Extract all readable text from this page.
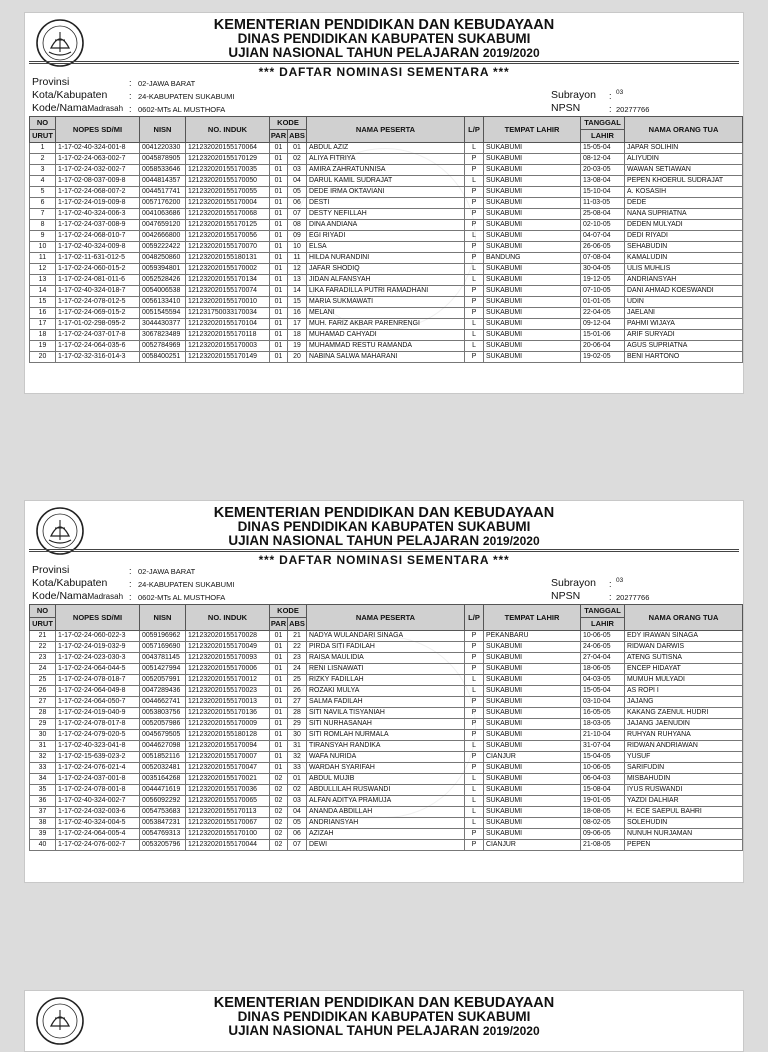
KEMENTERIAN PENDIDIKAN DAN KEBUDAYAAN
DINAS PENDIDIKAN KABUPATEN SUKABUMI
UJIAN NASIONAL TAHUN PELAJARAN 2019/2020
*** DAFTAR NOMINASI SEMENTARA ***
Provinsi	: 02-JAWA BARAT
Kota/Kabupaten : 24-KABUPATEN SUKABUMI
Kode/NamaMadrasah : 0602-MTs AL MUSTHOFA
Subrayon : 03
NPSN	: 20277766
NO	NOPES SD/MI	NISN	NO. INDUK	KODE		NAMA PESERTA	L/P	TEMPAT LAHIR	TANGGAL	NAMA ORANG TUA
URUT				PAR	ABS				LAHIR	
1	1-17-02-40-324-001-8	0041220330	121232020155170064	01	01	ABDUL AZIZ	L	SUKABUMI	15-05-04	JAPAR SOLIHIN
2	1-17-02-24-063-002-7	0045878905	121232020155170129	01	02	ALIYA FITRIYA	P	SUKABUMI	08-12-04	ALIYUDIN
3	1-17-02-24-032-002-7	0058533646	121232020155170035	01	03	AMIRA ZAHRATUNNISA	P	SUKABUMI	20-03-05	WAWAN SETIAWAN
4	1-17-02-08-037-009-8	0044814357	121232020155170050	01	04	DARUL KAMIL SUDRAJAT	L	SUKABUMI	13-08-04	PEPEN KHOERUL SUDRAJAT
5	1-17-02-24-068-007-2	0044517741	121232020155170055	01	05	DEDE IRMA OKTAVIANI	P	SUKABUMI	15-10-04	A. KOSASIH
6	1-17-02-24-019-009-8	0057176200	121232020155170004	01	06	DESTI	P	SUKABUMI	11-03-05	DEDE
7	1-17-02-40-324-006-3	0041063686	121232020155170068	01	07	DESTY NEFILLAH	P	SUKABUMI	25-08-04	NANA SUPRIATNA
8	1-17-02-24-037-008-9	0047659120	121232020155170125	01	08	DINA ANDIANA	P	SUKABUMI	02-10-05	DEDEN MULYADI
9	1-17-02-24-068-010-7	0042666800	121232020155170056	01	09	EGI RIYADI	L	SUKABUMI	04-07-04	DEDI RIYADI
10	1-17-02-40-324-009-8	0059222422	121232020155170070	01	10	ELSA	P	SUKABUMI	26-06-05	SEHABUDIN
11	1-17-02-11-631-012-5	0048250860	121232020155180131	01	11	HILDA NURANDINI	P	BANDUNG	07-08-04	KAMALUDIN
12	1-17-02-24-060-015-2	0059394801	121232020155170002	01	12	JAFAR SHODIQ	L	SUKABUMI	30-04-05	ULIS MUHLIS
13	1-17-02-24-081-011-6	0052528426	121232020155170134	01	13	JIDAN ALFANSYAH	L	SUKABUMI	19-12-05	ANDRIANSYAH
14	1-17-02-40-324-018-7	0054006538	121232020155170074	01	14	LIKA FARADILLA PUTRI RAMADHANI	P	SUKABUMI	07-10-05	DANI AHMAD KOESWANDI
15	1-17-02-24-078-012-5	0056133410	121232020155170010	01	15	MARIA SUKMAWATI	P	SUKABUMI	01-01-05	UDIN
16	1-17-02-24-069-015-2	0051545594	121231750033170034	01	16	MELANI	P	SUKABUMI	22-04-05	JAELANI
17	1-17-01-02-298-095-2	3044430377	121232020155170104	01	17	MUH. FARIZ AKBAR PARENRENGI	L	SUKABUMI	09-12-04	PAHMI WIJAYA
18	1-17-02-24-037-017-8	3067823489	121232020155170118	01	18	MUHAMAD CAHYADI	L	SUKABUMI	15-01-06	ARIF SURYADI
19	1-17-02-24-064-035-6	0052784969	121232020155170003	01	19	MUHAMMAD RESTU RAMANDA	L	SUKABUMI	20-06-04	AGUS SUPRIATNA
20	1-17-02-32-316-014-3	0058400251	121232020155170149	01	20	NABINA SALWA MAHARANI	P	SUKABUMI	19-02-05	BENI HARTONO
KEMENTERIAN PENDIDIKAN DAN KEBUDAYAAN
DINAS PENDIDIKAN KABUPATEN SUKABUMI
UJIAN NASIONAL TAHUN PELAJARAN 2019/2020
*** DAFTAR NOMINASI SEMENTARA ***
Provinsi	: 02-JAWA BARAT
Kota/Kabupaten : 24-KABUPATEN SUKABUMI
Kode/NamaMadrasah : 0602-MTs AL MUSTHOFA
Subrayon : 03
NPSN	: 20277766
NO	NOPES SD/MI	NISN	NO. INDUK	KODE		NAMA PESERTA	L/P	TEMPAT LAHIR	TANGGAL	NAMA ORANG TUA
URUT				PAR	ABS				LAHIR	
21	1-17-02-24-060-022-3	0059196962	121232020155170028	01	21	NADYA WULANDARI SINAGA	P	PEKANBARU	10-06-05	EDY IRAWAN SINAGA
22	1-17-02-24-019-032-9	0057169690	121232020155170049	01	22	PIRDA SITI FADILAH	P	SUKABUMI	24-06-05	RIDWAN DARWIS
23	1-17-02-24-023-030-3	0043781145	121232020155170093	01	23	RAISA MAULIDIA	P	SUKABUMI	27-04-04	ATENG SUTISNA
24	1-17-02-24-064-044-5	0051427994	121232020155170006	01	24	RENI LISNAWATI	P	SUKABUMI	18-06-05	ENCEP HIDAYAT
25	1-17-02-24-078-018-7	0052057991	121232020155170012	01	25	RIZKY FADILLAH	L	SUKABUMI	04-03-05	MUMUH MULYADI
26	1-17-02-24-064-049-8	0047289436	121232020155170023	01	26	ROZAKI MULYA	L	SUKABUMI	15-05-04	AS ROPI I
27	1-17-02-24-064-050-7	0044662741	121232020155170013	01	27	SALMA FADILAH	P	SUKABUMI	03-10-04	JAJANG
28	1-17-02-24-019-040-9	0053803756	121232020155170136	01	28	SITI NAVILA TISYANIAH	P	SUKABUMI	16-05-05	KAKANG ZAENUL HUDRI
29	1-17-02-24-078-017-8	0052057986	121232020155170009	01	29	SITI NURHASANAH	P	SUKABUMI	18-03-05	JAJANG JAENUDIN
30	1-17-02-24-079-020-5	0045679505	121232020155180128	01	30	SITI ROMLAH NURMALA	P	SUKABUMI	21-10-04	RUHYAN RUHYANA
31	1-17-02-40-323-041-8	0044627098	121232020155170094	01	31	TIRANSYAH RANDIKA	L	SUKABUMI	31-07-04	RIDWAN ANDRIAWAN
32	1-17-02-15-639-023-2	0051852116	121232020155170007	01	32	WAFA NURIDA	P	CIANJUR	15-04-05	YUSUF
33	1-17-02-24-076-021-4	0052032481	121232020155170047	01	33	WARDAH SYARIFAH	P	SUKABUMI	10-06-05	SARIFUDIN
34	1-17-02-24-037-001-8	0035164268	121232020155170021	02	01	ABDUL MUJIB	L	SUKABUMI	06-04-03	MISBAHUDIN
35	1-17-02-24-078-001-8	0044471619	121232020155170036	02	02	ABDULLILAH RUSWANDI	L	SUKABUMI	15-08-04	IYUS RUSWANDI
36	1-17-02-40-324-002-7	0056092292	121232020155170065	02	03	ALFAN ADITYA PRAMUJA	L	SUKABUMI	19-01-05	YAZDI DALHIAR
37	1-17-02-24-032-003-6	0054753683	121232020155170113	02	04	ANANDA ABDILLAH	L	SUKABUMI	18-08-05	H. ECE SAEPUL BAHRI
38	1-17-02-40-324-004-5	0053847231	121232020155170067	02	05	ANDRIANSYAH	L	SUKABUMI	08-02-05	SOLEHUDIN
39	1-17-02-24-064-005-4	0054769313	121232020155170100	02	06	AZIZAH	P	SUKABUMI	09-06-05	NUNUH NURJAMAN
40	1-17-02-24-076-002-7	0053205796	121232020155170044	02	07	DEWI	P	CIANJUR	21-08-05	PEPEN
KEMENTERIAN PENDIDIKAN DAN KEBUDAYAAN
DINAS PENDIDIKAN KABUPATEN SUKABUMI
UJIAN NASIONAL TAHUN PELAJARAN 2019/2020
